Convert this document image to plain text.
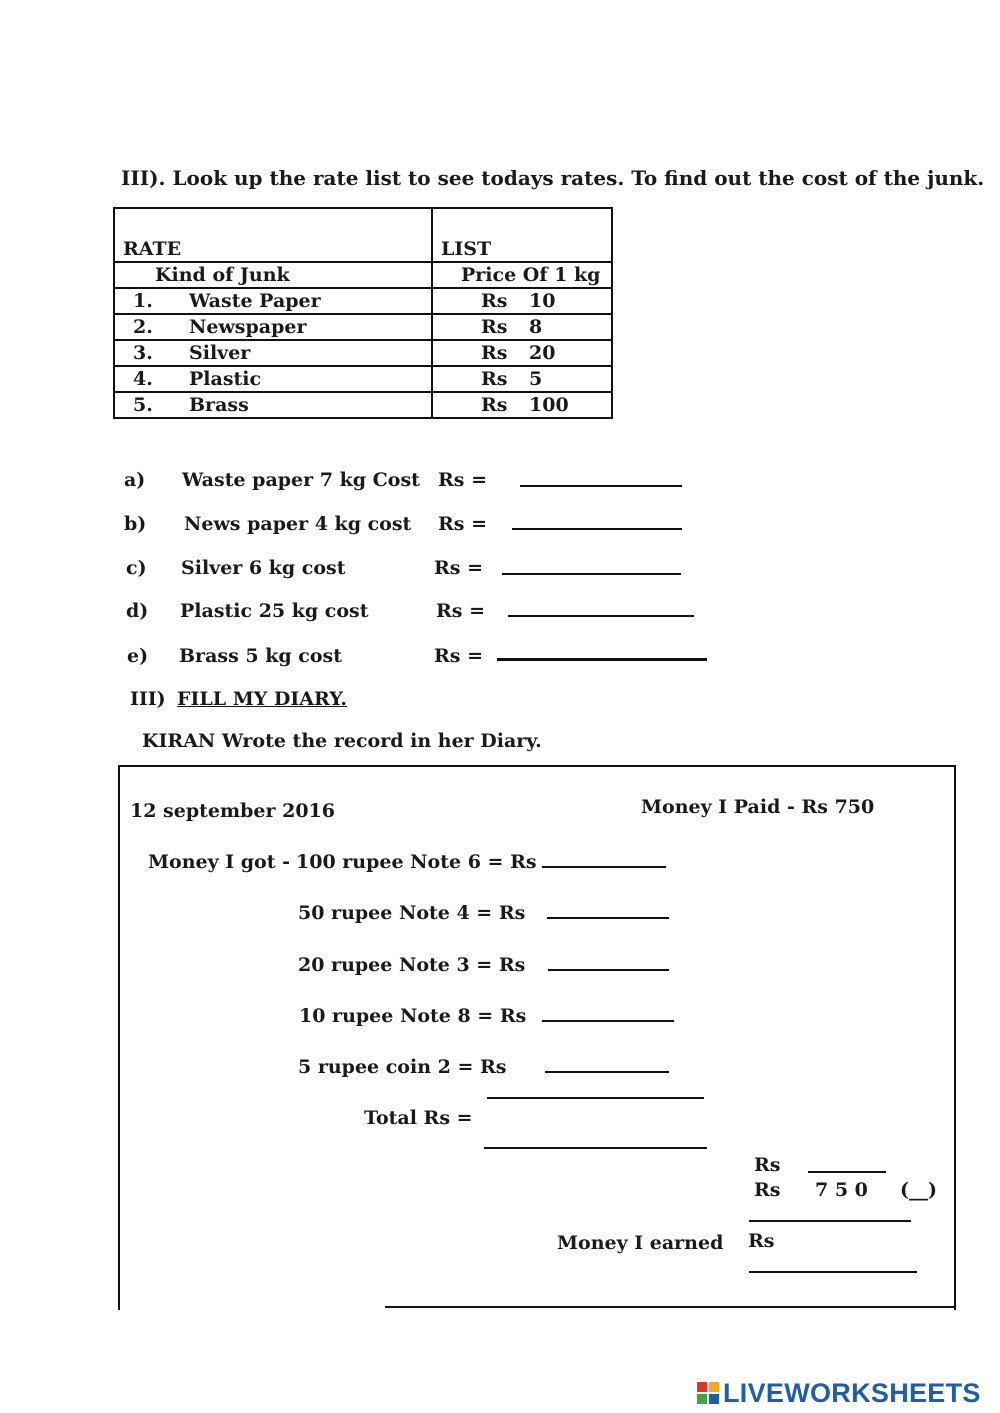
III). Look up the rate list to see todays rates. To find out the cost of the junk.
RATE	LIST
Kind of Junk	Price Of 1 kg
1. Waste Paper	Rs 10
2. Newspaper	Rs 8
3. Silver	Rs 20
4. Plastic	Rs 5
5. Brass	Rs 100
a) Waste paper 7 kg Cost Rs =
b) News paper 4 kg cost Rs =
c) Silver 6 kg cost	Rs =
d) Plastic 25 kg cost	Rs =
e) Brass 5 kg cost	Rs =
III) FILL MY DIARY.
KIRAN Wrote the record in her Diary.
12 september 2016	Money I Paid - Rs 750
Money I got - 100 rupee Note 6 = Rs
50 rupee Note 4 = Rs
20 rupee Note 3 = Rs
10 rupee Note 8 = Rs
5 rupee coin 2 = Rs
Total Rs =
Rs
Rs 7 5 0 (__)
Money I earned Rs
LIVEWORKSHEETS
